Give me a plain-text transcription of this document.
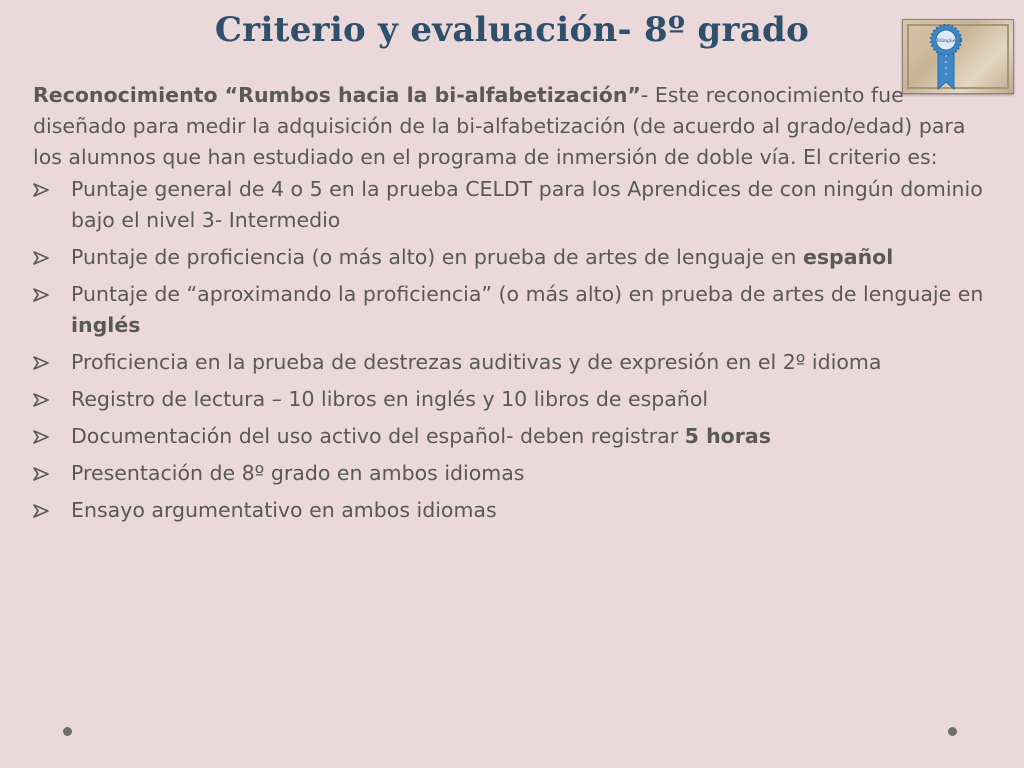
Criterio y evaluación- 8º grado	Bilingüe

Reconocimiento “Rumbos hacia la bi-alfabetización”- Este reconocimiento fue diseñado para medir la adquisición de la bi-alfabetización (de acuerdo al grado/edad) para los alumnos que han estudiado en el programa de inmersión de doble vía. El criterio es:

Puntaje general de 4 o 5 en la prueba CELDT para los Aprendices de con ningún dominio bajo el nivel 3- Intermedio
Puntaje de proficiencia (o más alto) en prueba de artes de lenguaje en español
Puntaje de “aproximando la proficiencia” (o más alto) en prueba de artes de lenguaje en inglés
Proficiencia en la prueba de destrezas auditivas y de expresión en el 2º idioma
Registro de lectura – 10 libros en inglés y 10 libros de español
Documentación del uso activo del español- deben registrar 5 horas
Presentación de 8º grado en ambos idiomas
Ensayo argumentativo en ambos idiomas
